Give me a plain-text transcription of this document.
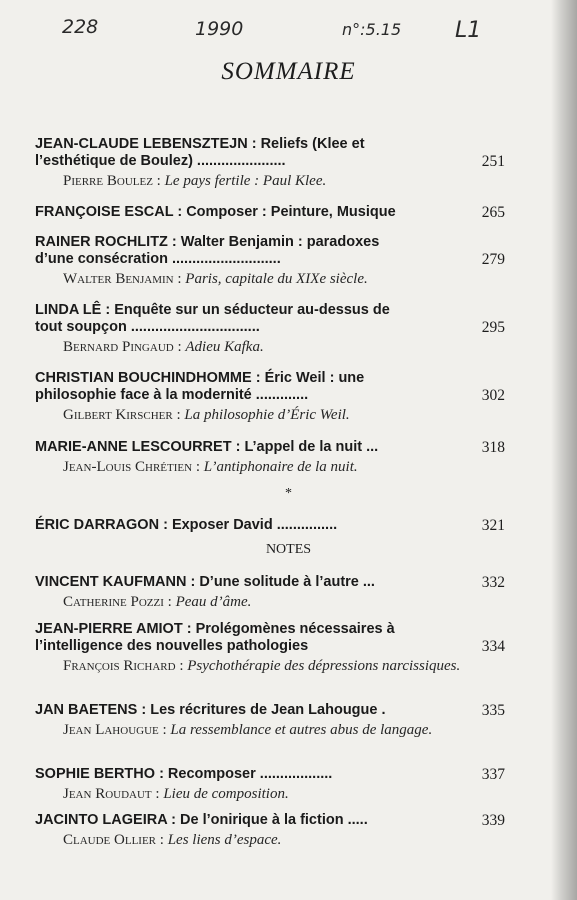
228	1990	n°:5.15 L1
SOMMAIRE
JEAN-CLAUDE LEBENSZTEJN : Reliefs (Klee et l’esthétique de Boulez) ......................	251
Pierre Boulez : Le pays fertile : Paul Klee.
FRANÇOISE ESCAL : Composer : Peinture, Musique	265
RAINER ROCHLITZ : Walter Benjamin : paradoxes d’une consécration ...........................	279
Walter Benjamin : Paris, capitale du XIXe siècle.
LINDA LÊ : Enquête sur un séducteur au-dessus de tout soupçon ................................	295
Bernard Pingaud : Adieu Kafka.
CHRISTIAN BOUCHINDHOMME : Éric Weil : une philosophie face à la modernité .............	302
Gilbert Kirscher : La philosophie d’Éric Weil.
MARIE-ANNE LESCOURRET : L’appel de la nuit ...	318
Jean-Louis Chrétien : L’antiphonaire de la nuit.
*
ÉRIC DARRAGON : Exposer David ...............	321
NOTES
VINCENT KAUFMANN : D’une solitude à l’autre ...	332
Catherine Pozzi : Peau d’âme.
JEAN-PIERRE AMIOT : Prolégomènes nécessaires à l’intelligence des nouvelles pathologies	334
François Richard : Psychothérapie des dépressions narcissiques.
JAN BAETENS : Les récritures de Jean Lahougue .	335
Jean Lahougue : La ressemblance et autres abus de langage.
SOPHIE BERTHO : Recomposer ..................	337
Jean Roudaut : Lieu de composition.
JACINTO LAGEIRA : De l’onirique à la fiction .....	339
Claude Ollier : Les liens d’espace.
